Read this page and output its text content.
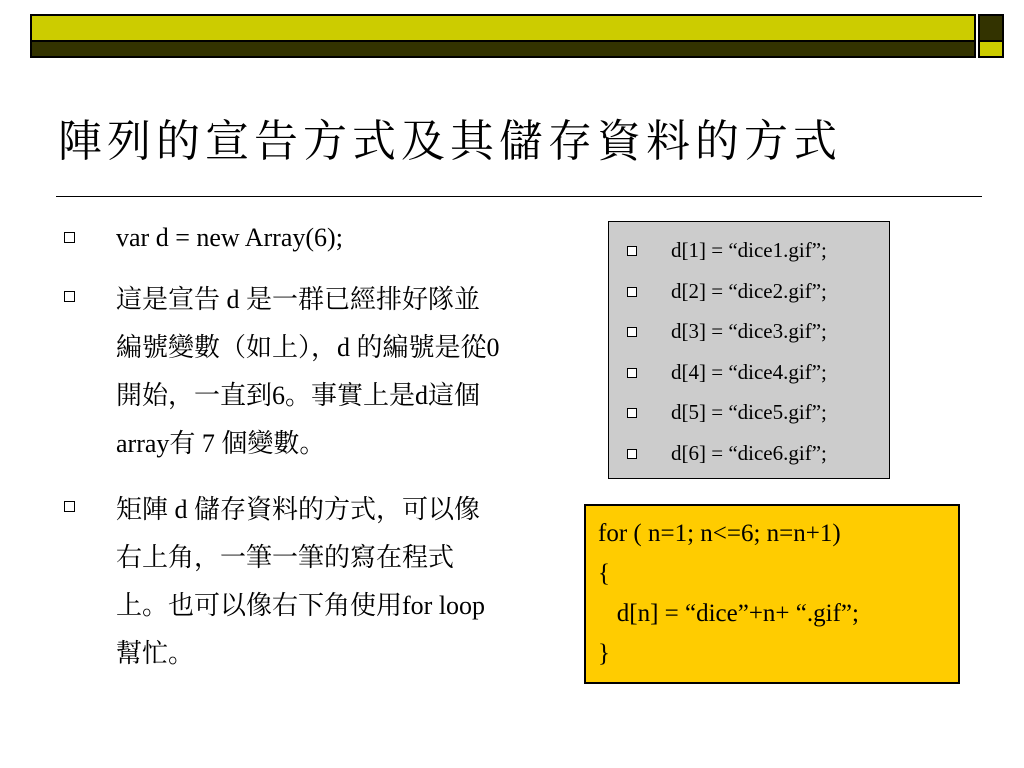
陣列的宣告方式及其儲存資料的方式
var d = new Array(6);
這是宣告 d 是一群已經排好隊並編號變數（如上），d 的編號是從0開始，一直到6。事實上是d這個array有 7 個變數。
矩陣 d 儲存資料的方式，可以像右上角，一筆一筆的寫在程式上。也可以像右下角使用for loop幫忙。
d[1] = “dice1.gif”;
d[2] = “dice2.gif”;
d[3] = “dice3.gif”;
d[4] = “dice4.gif”;
d[5] = “dice5.gif”;
d[6] = “dice6.gif”;
for ( n=1; n<=6; n=n+1)
{
d[n] = “dice”+n+ “.gif”;
}
